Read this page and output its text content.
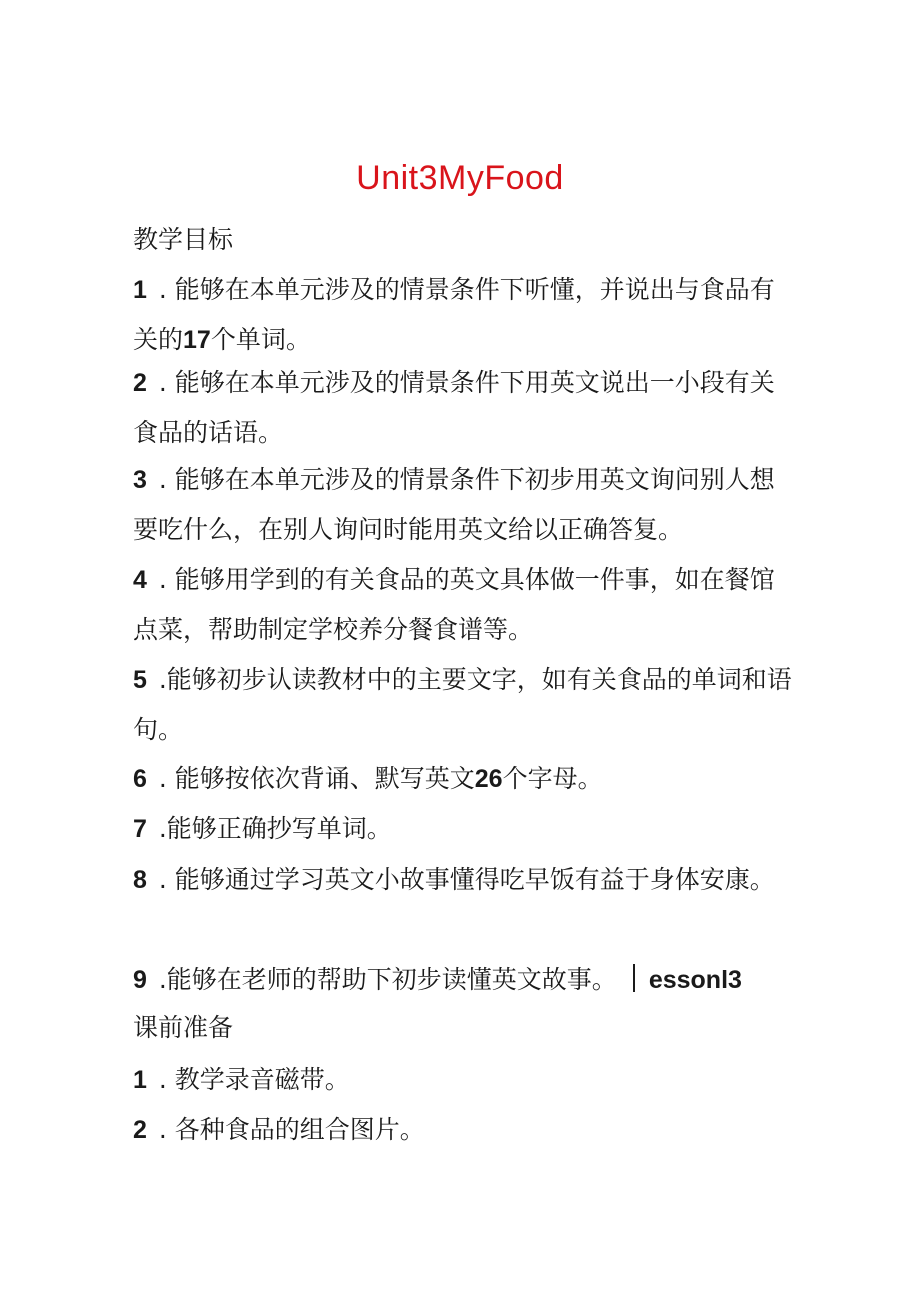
Unit3MyFood
教学目标
1 . 能够在本单元涉及的情景条件下听懂，并说出与食品有关的17个单词。
2 . 能够在本单元涉及的情景条件下用英文说出一小段有关食品的话语。
3 . 能够在本单元涉及的情景条件下初步用英文询问别人想要吃什么，在别人询问时能用英文给以正确答复。
4 . 能够用学到的有关食品的英文具体做一件事，如在餐馆点菜，帮助制定学校养分餐食谱等。
5 .能够初步认读教材中的主要文字，如有关食品的单词和语句。
6 . 能够按依次背诵、默写英文26个字母。
7 .能够正确抄写单词。
8 . 能够通过学习英文小故事懂得吃早饭有益于身体安康。
9 .能够在老师的帮助下初步读懂英文故事。 essonl3
课前准备
1 . 教学录音磁带。
2 . 各种食品的组合图片。
